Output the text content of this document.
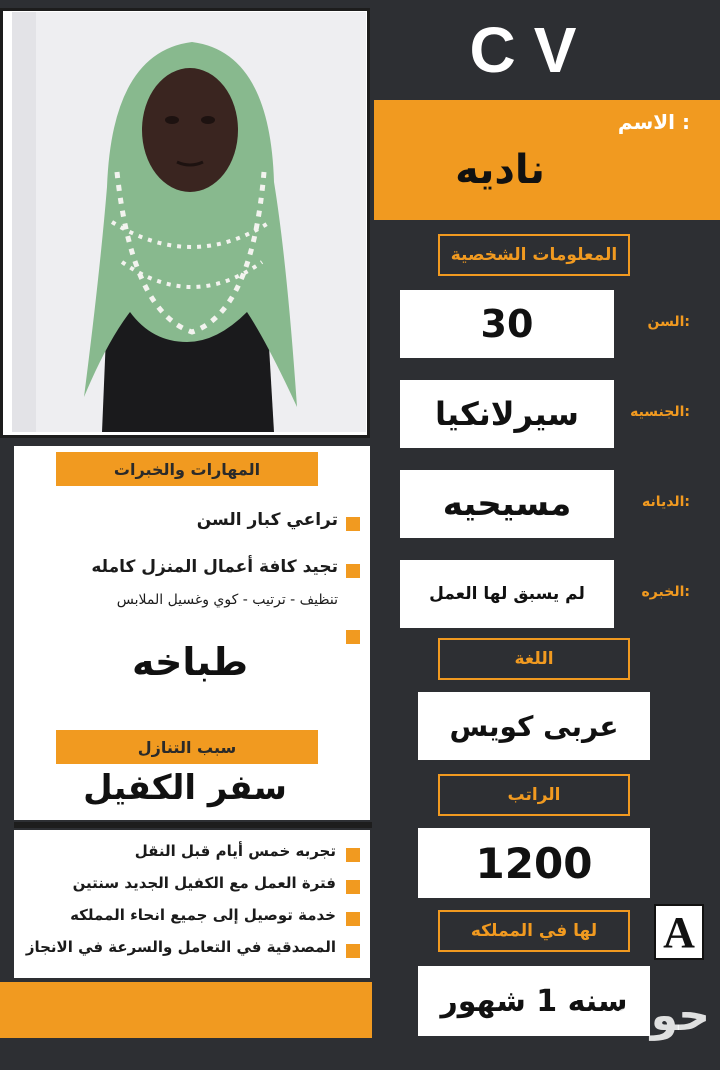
المهارات والخبرات
تراعي كبار السن
تجيد كافة أعمال المنزل كامله
تنظيف - ترتيب - كوي وغسيل الملابس
طباخه
سبب التنازل
سفر الكفيل
تجربه خمس أيام قبل النقل
فترة العمل مع الكفيل الجديد سنتين
خدمة توصيل إلى جميع انحاء المملكه
المصدقية في التعامل والسرعة في الانجاز
CV
الاسم :
ناديه
المعلومات الشخصية
30	السن:
سيرلانكيا	الجنسيه:
مسيحيه	الديانه:
لم يسبق لها العمل	الخبره:
اللغة
عربى كويس
الراتب
1200
لها في المملكه
سنه 1 شهور
A
حواء
